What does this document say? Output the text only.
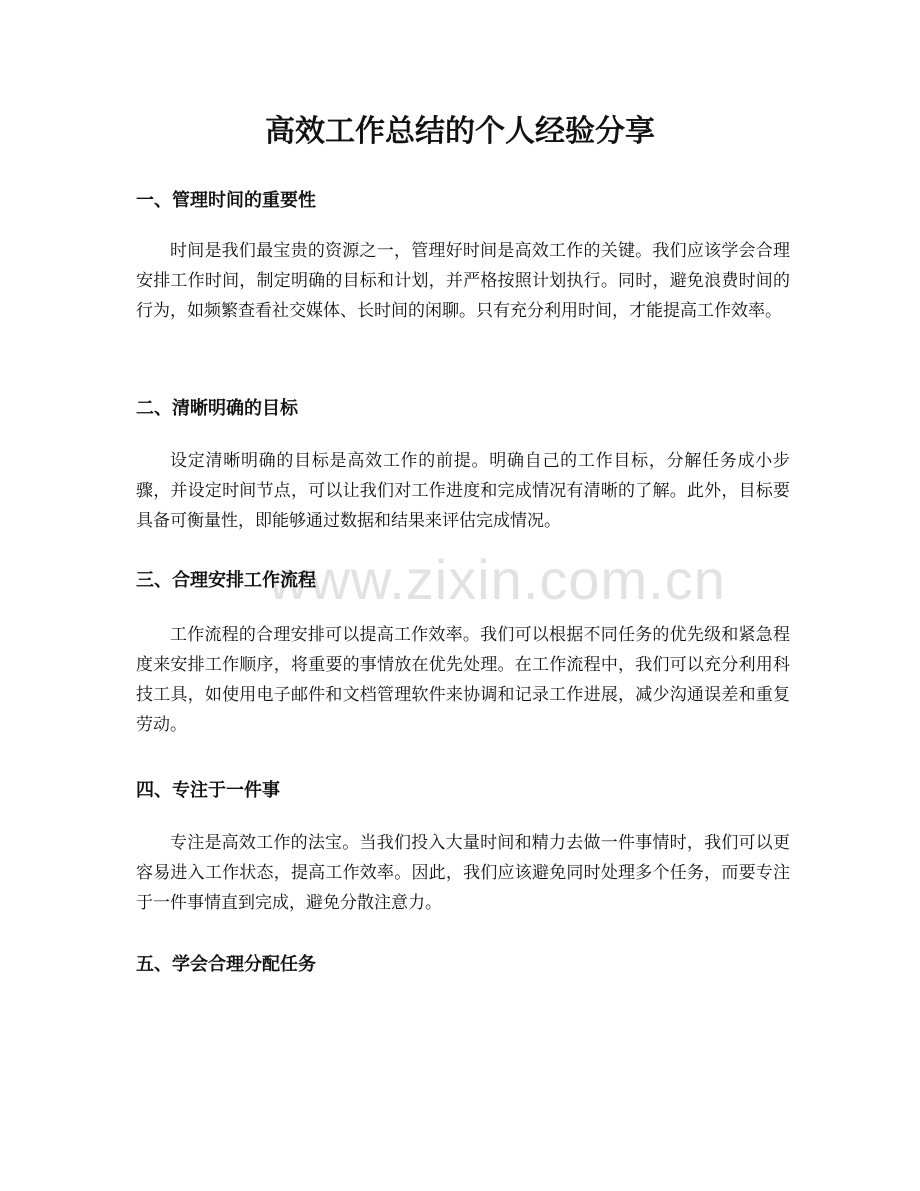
高效工作总结的个人经验分享
www.zixin.com.cn
一、管理时间的重要性

时间是我们最宝贵的资源之一，管理好时间是高效工作的关键。我们应该学会合理安排工作时间，制定明确的目标和计划，并严格按照计划执行。同时，避免浪费时间的行为，如频繁查看社交媒体、长时间的闲聊。只有充分利用时间，才能提高工作效率。

二、清晰明确的目标

设定清晰明确的目标是高效工作的前提。明确自己的工作目标，分解任务成小步骤，并设定时间节点，可以让我们对工作进度和完成情况有清晰的了解。此外，目标要具备可衡量性，即能够通过数据和结果来评估完成情况。

三、合理安排工作流程

工作流程的合理安排可以提高工作效率。我们可以根据不同任务的优先级和紧急程度来安排工作顺序，将重要的事情放在优先处理。在工作流程中，我们可以充分利用科技工具，如使用电子邮件和文档管理软件来协调和记录工作进展，减少沟通误差和重复劳动。

四、专注于一件事

专注是高效工作的法宝。当我们投入大量时间和精力去做一件事情时，我们可以更容易进入工作状态，提高工作效率。因此，我们应该避免同时处理多个任务，而要专注于一件事情直到完成，避免分散注意力。

五、学会合理分配任务
